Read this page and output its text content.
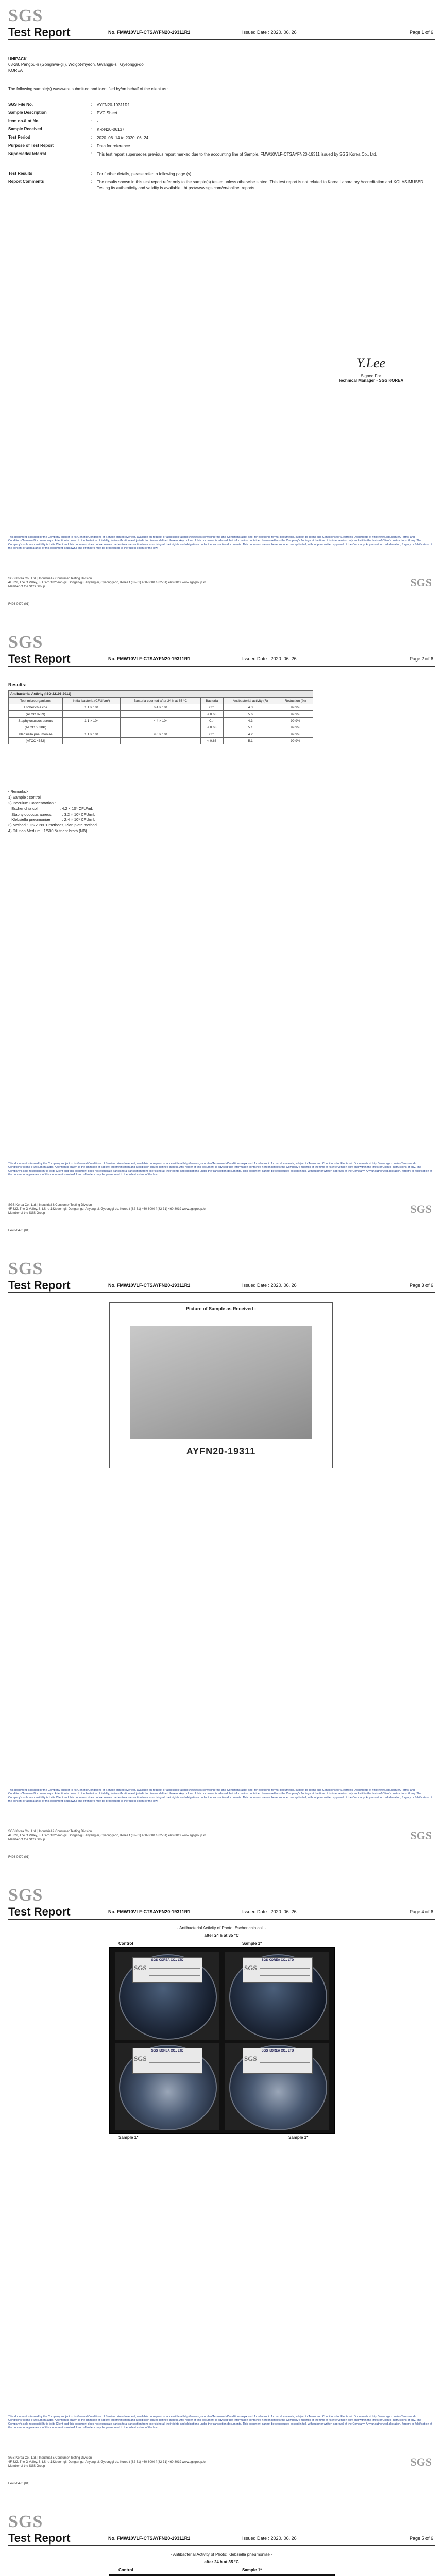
SGS
Test Report	No. FMW10VLF-CTSAYFN20-19311R1	Issued Date : 2020. 06. 26	Page 1 of 6
UNIPACK
63-28, Pangbu-ri (Gonghwa-gil), Wolgot-myeon, Gwangju-si, Gyeonggi-do
KOREA
The following sample(s) was/were submitted and identified by/on behalf of the client as :
SGS File No.	: AYFN20-19311R1
Sample Description	: PVC Sheet
Item no./Lot No.	: -
Sample Received	: KR-N20-06137
Test Period	: 2020. 06. 14 to 2020. 06. 24
Purpose of Test Report	: Data for reference
Supersede/Referral	: This test report supersedes previous report marked due to the accounting line of Sample, FMW10VLF-CTSAYFN20-19311 issued by SGS Korea Co., Ltd.
Test Results	: For further details, please refer to following page (s)
Report Comments	: The results shown in this test report refer only to the sample(s) tested unless otherwise stated. This test report is not related to Korea Laboratory Accreditation and KOLAS-MUSED. Testing its authenticity and validity is available : https://www.sgs.com/en/online_reports
Y.Lee
Signed For
Technical Manager - SGS KOREA
This document is issued by the Company subject to its General Conditions of Service printed overleaf, available on request or accessible at http://www.sgs.com/en/Terms-and-Conditions.aspx and, for electronic format documents, subject to Terms and Conditions for Electronic Documents at http://www.sgs.com/en/Terms-and-Conditions/Terms-e-Document.aspx. Attention is drawn to the limitation of liability, indemnification and jurisdiction issues defined therein. Any holder of this document is advised that information contained hereon reflects the Company's findings at the time of its intervention only and within the limits of Client's instructions, if any. The Company's sole responsibility is to its Client and this document does not exonerate parties to a transaction from exercising all their rights and obligations under the transaction documents. This document cannot be reproduced except in full, without prior written approval of the Company. Any unauthorized alteration, forgery or falsification of the content or appearance of this document is unlawful and offenders may be prosecuted to the fullest extent of the law.
SGS Korea Co., Ltd. | Industrial & Consumer Testing Division
4F 322, The O Valley, 8, LS-ro 182beon-gil, Dongan-gu, Anyang-si, Gyeonggi-do, Korea t (82-31) 460-8000 f (82-31) 460-8019 www.sgsgroup.kr
Member of the SGS Group	SGS
F426-0470 (01)
SGS
Test Report	No. FMW10VLF-CTSAYFN20-19311R1	Issued Date : 2020. 06. 26	Page 2 of 6
Results:
Antibacterial Activity (ISO 22196:2011)					
Test microorganisms	Initial bacteria (CFU/cm²)	Bacteria counted after 24 h at 35 °C	Bacteria	Antibacterial activity (R)	Reduction (%)
Escherichia coli	1.1 × 10⁵	6.4 × 10⁵	Ctrl	4.3	99.9%
(ATCC 8739)			< 0.63	5.6	99.9%
Staphylococcus aureus	1.1 × 10⁵	4.4 × 10⁵	Ctrl	4.3	99.9%
(ATCC 6538P)			< 0.63	5.1	99.9%
Klebsiella pneumoniae	1.1 × 10⁵	9.0 × 10⁵	Ctrl	4.2	99.9%
(ATCC 4352)			< 0.63	5.1	99.9%
<Remarks>
1) Sample : control
2) Inoculum Concentration :
Escherichia coli                    : 4.2 × 10⁵ CFU/mL
Staphylococcus aureus          : 3.2 × 10⁵ CFU/mL
Klebsiella pneumoniae           : 2.4 × 10⁵ CFU/mL
3) Method : JIS Z 2801 methods, Plan plate method
4) Dilution Medium : 1/500 Nutrient broth (NB)
This document is issued by the Company subject to its General Conditions of Service printed overleaf, available on request or accessible at http://www.sgs.com/en/Terms-and-Conditions.aspx and, for electronic format documents, subject to Terms and Conditions for Electronic Documents at http://www.sgs.com/en/Terms-and-Conditions/Terms-e-Document.aspx. Attention is drawn to the limitation of liability, indemnification and jurisdiction issues defined therein. Any holder of this document is advised that information contained hereon reflects the Company's findings at the time of its intervention only and within the limits of Client's instructions, if any. The Company's sole responsibility is to its Client and this document does not exonerate parties to a transaction from exercising all their rights and obligations under the transaction documents. This document cannot be reproduced except in full, without prior written approval of the Company. Any unauthorized alteration, forgery or falsification of the content or appearance of this document is unlawful and offenders may be prosecuted to the fullest extent of the law.
SGS Korea Co., Ltd. | Industrial & Consumer Testing Division
4F 322, The O Valley, 8, LS-ro 182beon-gil, Dongan-gu, Anyang-si, Gyeonggi-do, Korea t (82-31) 460-8000 f (82-31) 460-8019 www.sgsgroup.kr
Member of the SGS Group	SGS
F426-0470 (01)
SGS
Test Report	No. FMW10VLF-CTSAYFN20-19311R1	Issued Date : 2020. 06. 26	Page 3 of 6
Picture of Sample as Received :
AYFN20-19311
This document is issued by the Company subject to its General Conditions of Service printed overleaf, available on request or accessible at http://www.sgs.com/en/Terms-and-Conditions.aspx and, for electronic format documents, subject to Terms and Conditions for Electronic Documents at http://www.sgs.com/en/Terms-and-Conditions/Terms-e-Document.aspx. Attention is drawn to the limitation of liability, indemnification and jurisdiction issues defined therein. Any holder of this document is advised that information contained hereon reflects the Company's findings at the time of its intervention only and within the limits of Client's instructions, if any. The Company's sole responsibility is to its Client and this document does not exonerate parties to a transaction from exercising all their rights and obligations under the transaction documents. This document cannot be reproduced except in full, without prior written approval of the Company. Any unauthorized alteration, forgery or falsification of the content or appearance of this document is unlawful and offenders may be prosecuted to the fullest extent of the law.
SGS Korea Co., Ltd. | Industrial & Consumer Testing Division
4F 322, The O Valley, 8, LS-ro 182beon-gil, Dongan-gu, Anyang-si, Gyeonggi-do, Korea t (82-31) 460-8000 f (82-31) 460-8019 www.sgsgroup.kr
Member of the SGS Group	SGS
F426-0470 (01)
SGS
Test Report	No. FMW10VLF-CTSAYFN20-19311R1	Issued Date : 2020. 06. 26	Page 4 of 6
- Antibacterial Activity of Photo: Escherichia coli -
after 24 h at 35 °C
Control	Sample 1*
SGS KOREA CO., LTD
SGS
SGS KOREA CO., LTD
SGS
SGS KOREA CO., LTD
SGS
SGS KOREA CO., LTD
SGS
Sample 1*	Sample 1*
This document is issued by the Company subject to its General Conditions of Service printed overleaf, available on request or accessible at http://www.sgs.com/en/Terms-and-Conditions.aspx and, for electronic format documents, subject to Terms and Conditions for Electronic Documents at http://www.sgs.com/en/Terms-and-Conditions/Terms-e-Document.aspx. Attention is drawn to the limitation of liability, indemnification and jurisdiction issues defined therein. Any holder of this document is advised that information contained hereon reflects the Company's findings at the time of its intervention only and within the limits of Client's instructions, if any. The Company's sole responsibility is to its Client and this document does not exonerate parties to a transaction from exercising all their rights and obligations under the transaction documents. This document cannot be reproduced except in full, without prior written approval of the Company. Any unauthorized alteration, forgery or falsification of the content or appearance of this document is unlawful and offenders may be prosecuted to the fullest extent of the law.
SGS Korea Co., Ltd. | Industrial & Consumer Testing Division
4F 322, The O Valley, 8, LS-ro 182beon-gil, Dongan-gu, Anyang-si, Gyeonggi-do, Korea t (82-31) 460-8000 f (82-31) 460-8019 www.sgsgroup.kr
Member of the SGS Group	SGS
F426-0470 (01)
SGS
Test Report	No. FMW10VLF-CTSAYFN20-19311R1	Issued Date : 2020. 06. 26	Page 5 of 6
- Antibacterial Activity of Photo: Klebsiella pneumoniae -
after 24 h at 35 °C
Control	Sample 1*
